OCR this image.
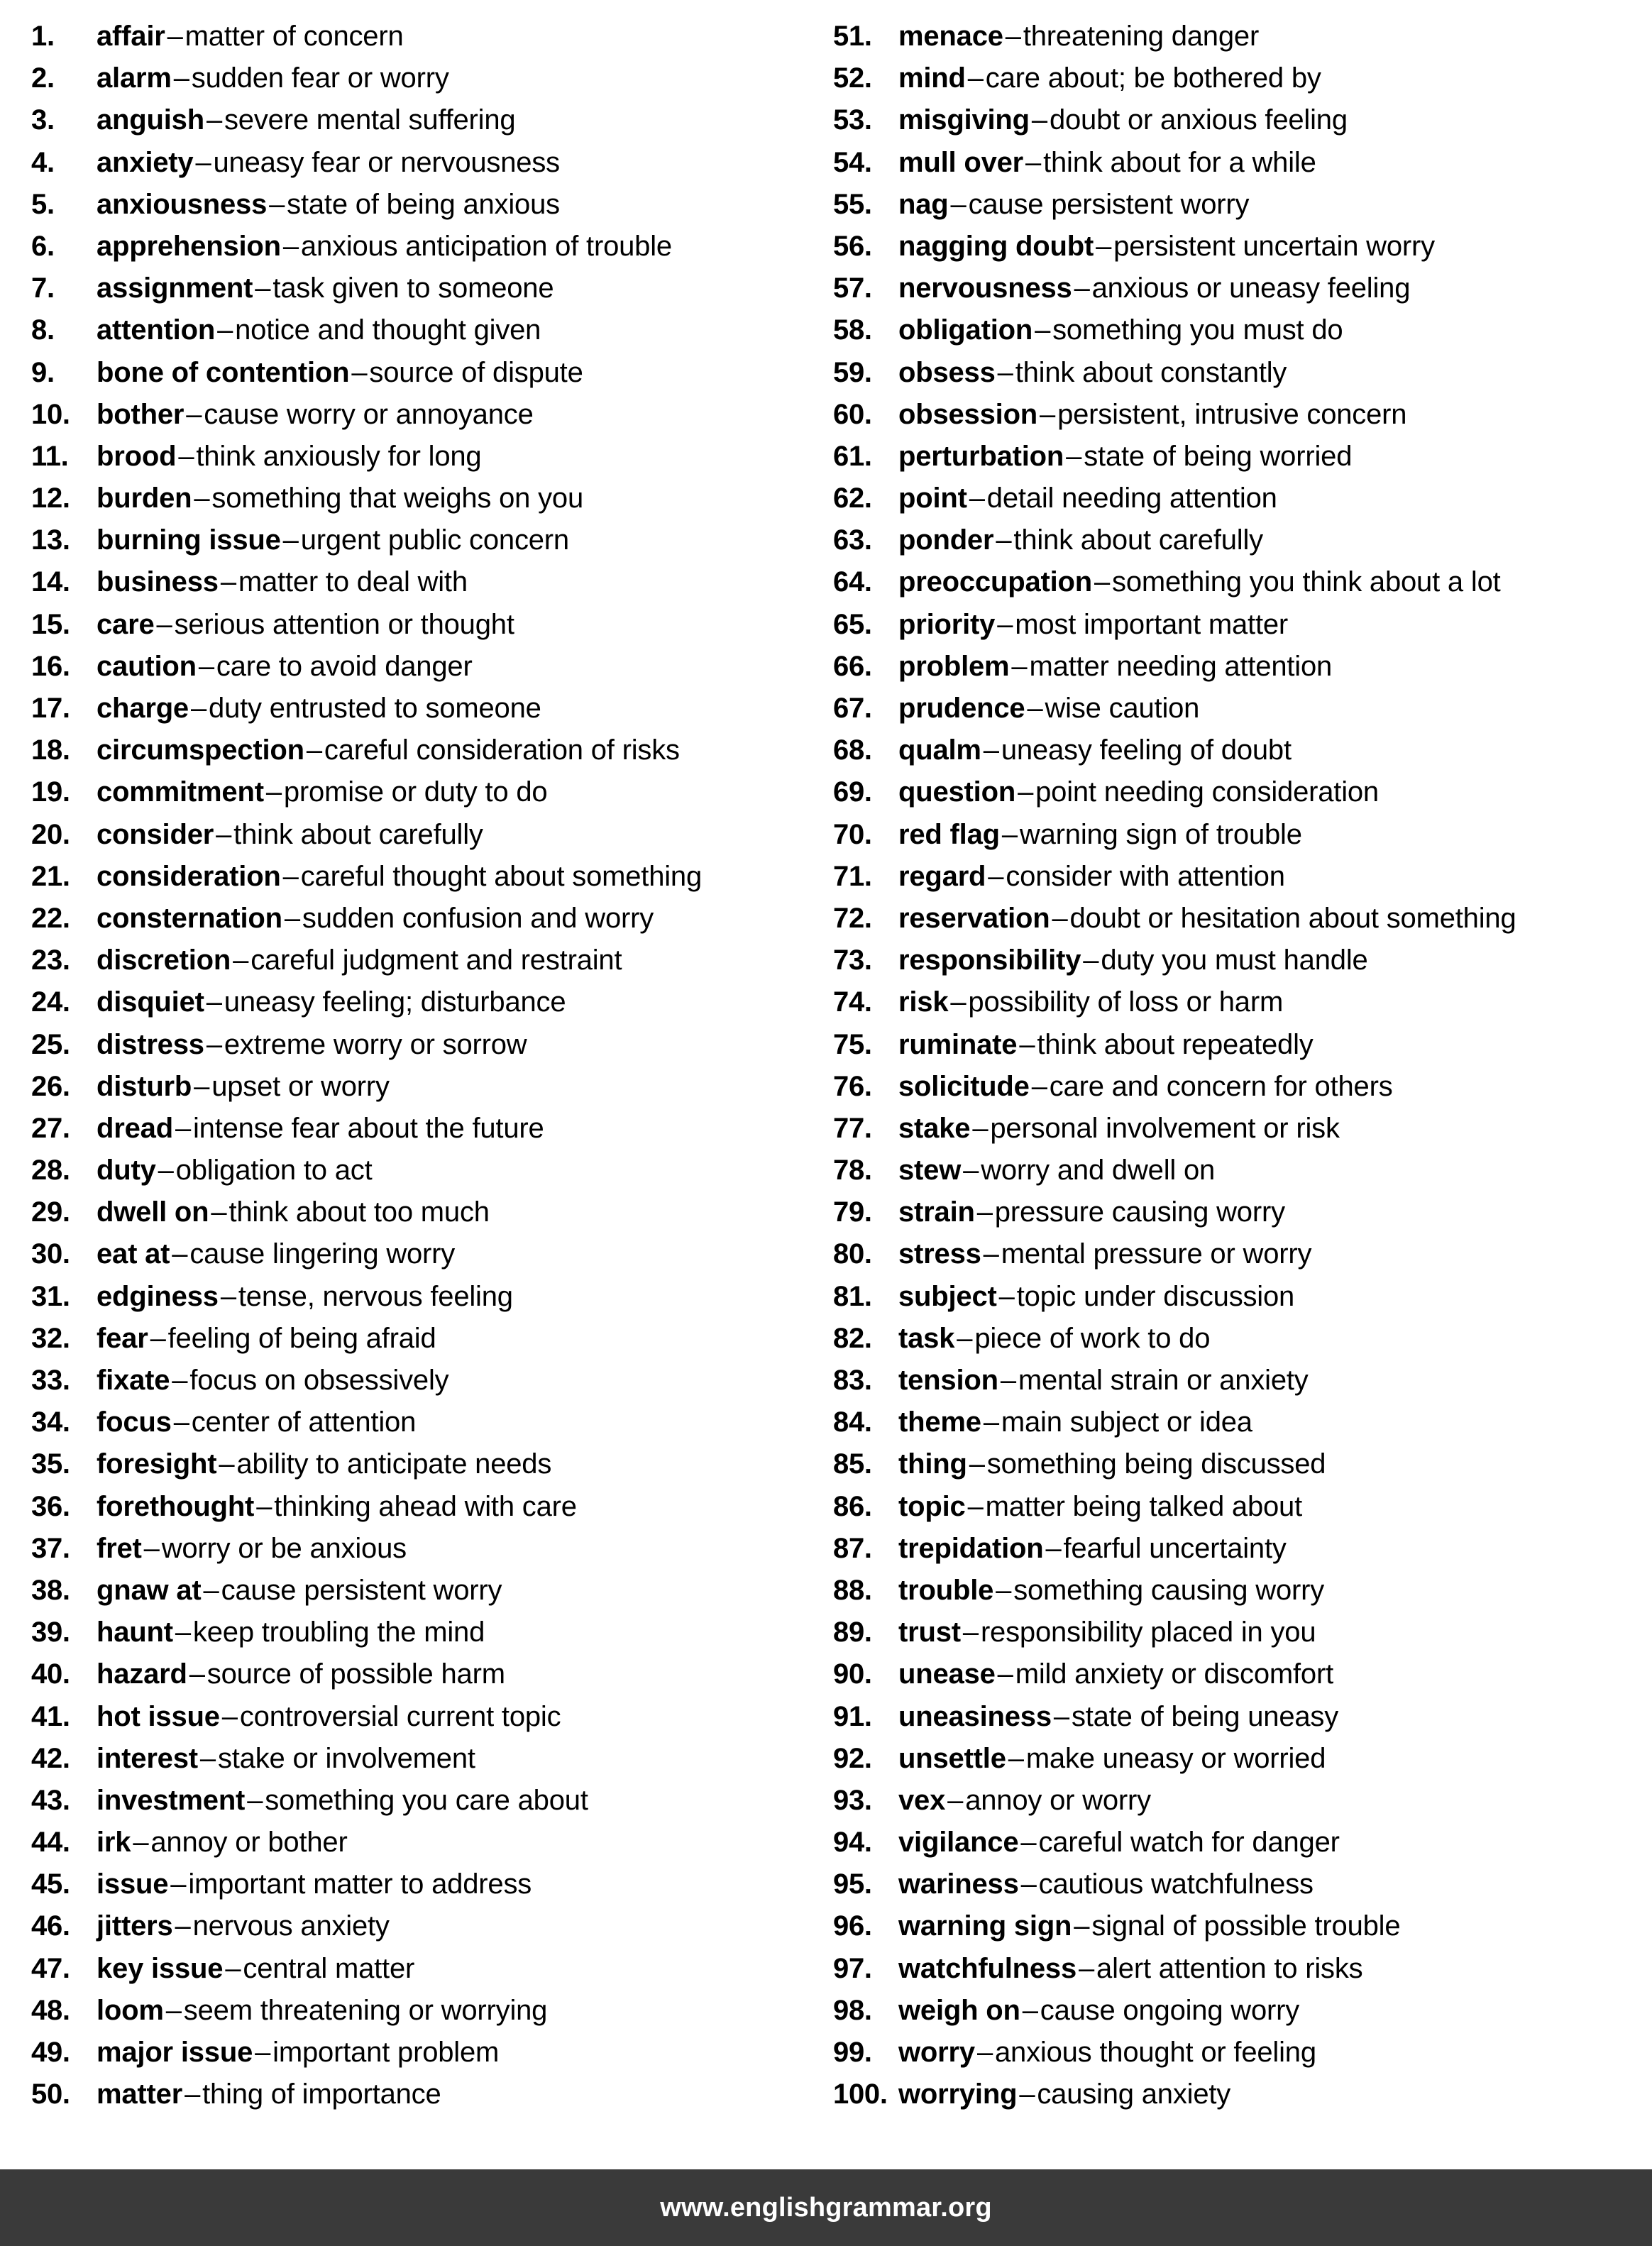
1.	affair–matter of concern
2.	alarm–sudden fear or worry
3.	anguish–severe mental suffering
4.	anxiety–uneasy fear or nervousness
5.	anxiousness–state of being anxious
6.	apprehension–anxious anticipation of trouble
7.	assignment–task given to someone
8.	attention–notice and thought given
9.	bone of contention–source of dispute
10. bother–cause worry or annoyance
11. brood–think anxiously for long
12. burden–something that weighs on you
13. burning issue–urgent public concern
14. business–matter to deal with
15. care–serious attention or thought
16. caution–care to avoid danger
17. charge–duty entrusted to someone
18. circumspection–careful consideration of risks
19. commitment–promise or duty to do
20. consider–think about carefully
21. consideration–careful thought about something
22. consternation–sudden confusion and worry
23. discretion–careful judgment and restraint
24. disquiet–uneasy feeling; disturbance
25. distress–extreme worry or sorrow
26. disturb–upset or worry
27. dread–intense fear about the future
28. duty–obligation to act
29. dwell on–think about too much
30. eat at–cause lingering worry
31. edginess–tense, nervous feeling
32. fear–feeling of being afraid
33. fixate–focus on obsessively
34. focus–center of attention
35. foresight–ability to anticipate needs
36. forethought–thinking ahead with care
37. fret–worry or be anxious
38. gnaw at–cause persistent worry
39. haunt–keep troubling the mind
40. hazard–source of possible harm
41. hot issue–controversial current topic
42. interest–stake or involvement
43. investment–something you care about
44. irk–annoy or bother
45. issue–important matter to address
46. jitters–nervous anxiety
47. key issue–central matter
48. loom–seem threatening or worrying
49. major issue–important problem
50. matter–thing of importance
51. menace–threatening danger
52. mind–care about; be bothered by
53. misgiving–doubt or anxious feeling
54. mull over–think about for a while
55. nag–cause persistent worry
56. nagging doubt–persistent uncertain worry
57. nervousness–anxious or uneasy feeling
58. obligation–something you must do
59. obsess–think about constantly
60. obsession–persistent, intrusive concern
61. perturbation–state of being worried
62. point–detail needing attention
63. ponder–think about carefully
64. preoccupation–something you think about a lot
65. priority–most important matter
66. problem–matter needing attention
67. prudence–wise caution
68. qualm–uneasy feeling of doubt
69. question–point needing consideration
70. red flag–warning sign of trouble
71. regard–consider with attention
72. reservation–doubt or hesitation about something
73. responsibility–duty you must handle
74. risk–possibility of loss or harm
75. ruminate–think about repeatedly
76. solicitude–care and concern for others
77. stake–personal involvement or risk
78. stew–worry and dwell on
79. strain–pressure causing worry
80. stress–mental pressure or worry
81. subject–topic under discussion
82. task–piece of work to do
83. tension–mental strain or anxiety
84. theme–main subject or idea
85. thing–something being discussed
86. topic–matter being talked about
87. trepidation–fearful uncertainty
88. trouble–something causing worry
89. trust–responsibility placed in you
90. unease–mild anxiety or discomfort
91. uneasiness–state of being uneasy
92. unsettle–make uneasy or worried
93. vex–annoy or worry
94. vigilance–careful watch for danger
95. wariness–cautious watchfulness
96. warning sign–signal of possible trouble
97. watchfulness–alert attention to risks
98. weigh on–cause ongoing worry
99. worry–anxious thought or feeling
100. worrying–causing anxiety
www.englishgrammar.org
